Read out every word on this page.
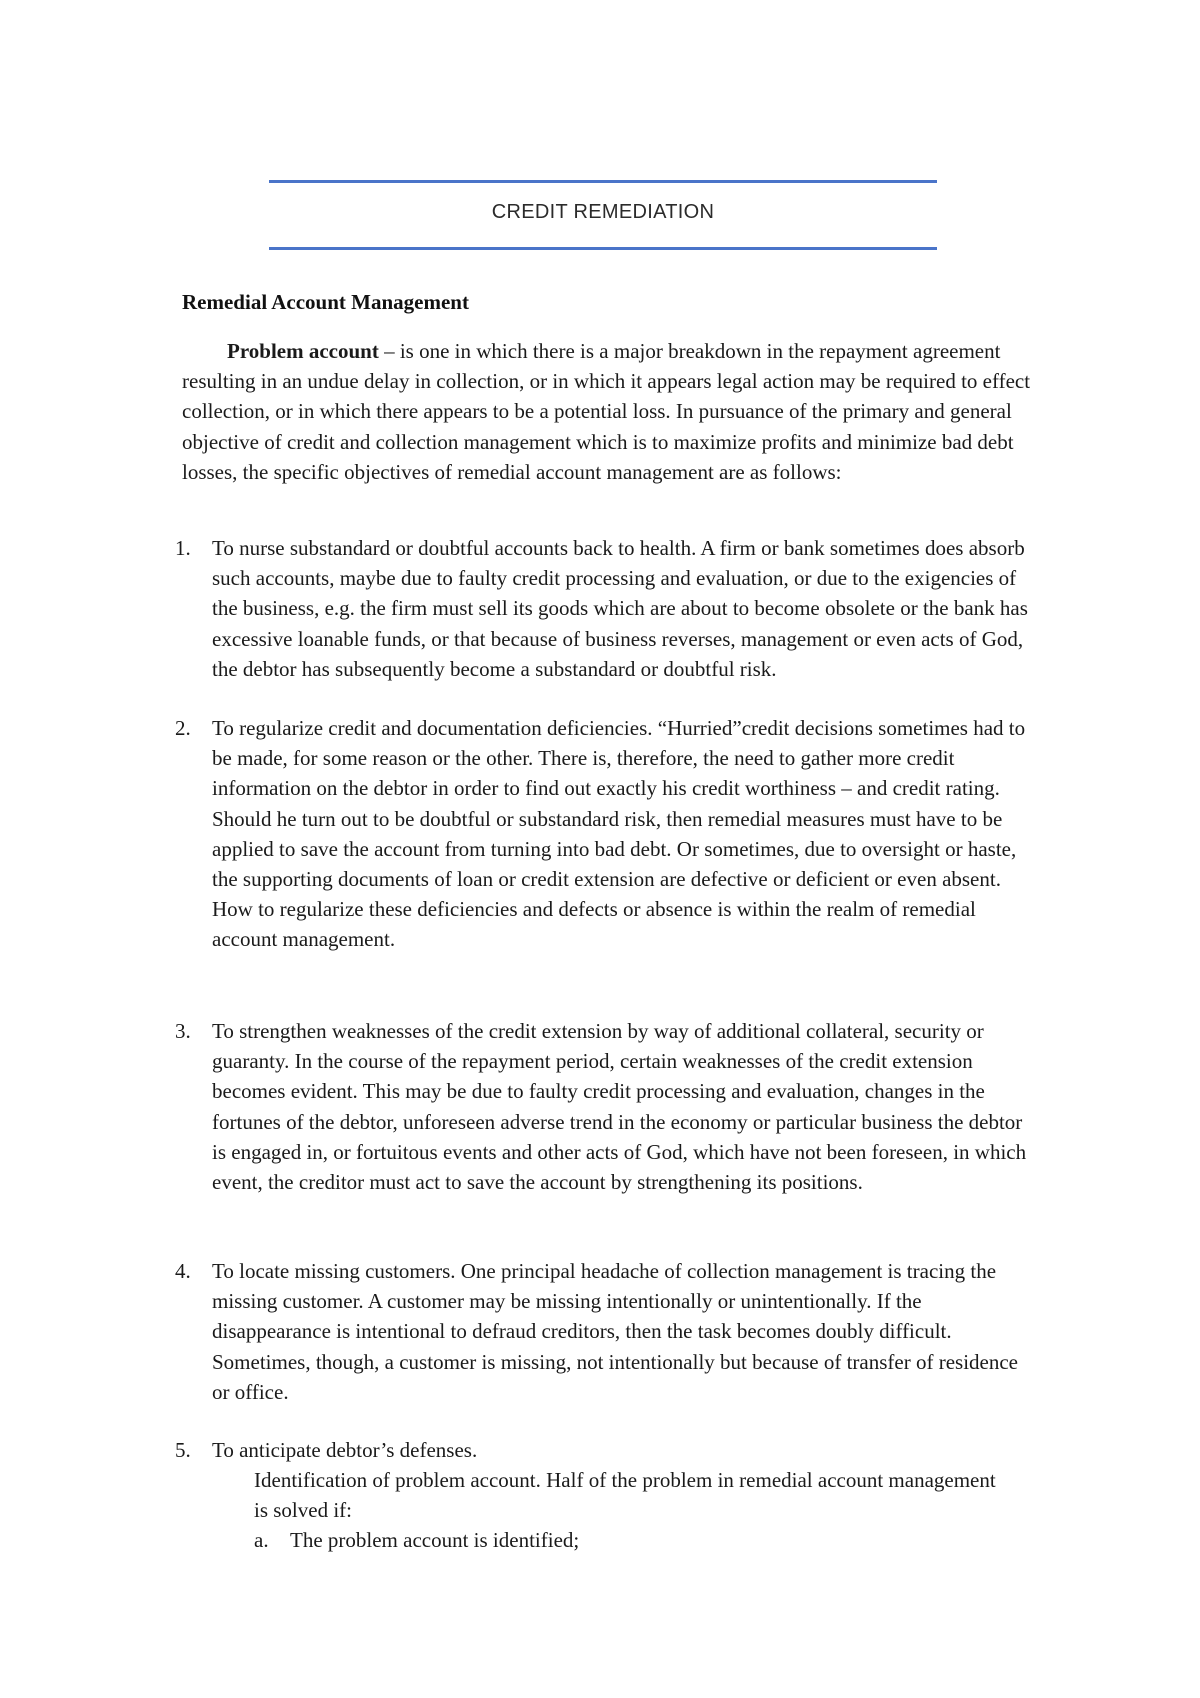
CREDIT REMEDIATION
Remedial Account Management
Problem account – is one in which there is a major breakdown in the repayment agreement resulting in an undue delay in collection, or in which it appears legal action may be required to effect collection, or in which there appears to be a potential loss. In pursuance of the primary and general objective of credit and collection management which is to maximize profits and minimize bad debt losses, the specific objectives of remedial account management are as follows:
1.	To nurse substandard or doubtful accounts back to health. A firm or bank sometimes does absorb such accounts, maybe due to faulty credit processing and evaluation, or due to the exigencies of the business, e.g. the firm must sell its goods which are about to become obsolete or the bank has excessive loanable funds, or that because of business reverses, management or even acts of God, the debtor has subsequently become a substandard or doubtful risk.
2.	To regularize credit and documentation deficiencies. “Hurried”credit decisions sometimes had to be made, for some reason or the other. There is, therefore, the need to gather more credit information on the debtor in order to find out exactly his credit worthiness – and credit rating. Should he turn out to be doubtful or substandard risk, then remedial measures must have to be applied to save the account from turning into bad debt. Or sometimes, due to oversight or haste, the supporting documents of loan or credit extension are defective or deficient or even absent. How to regularize these deficiencies and defects or absence is within the realm of remedial account management.
3.	To strengthen weaknesses of the credit extension by way of additional collateral, security or guaranty. In the course of the repayment period, certain weaknesses of the credit extension becomes evident. This may be due to faulty credit processing and evaluation, changes in the fortunes of the debtor, unforeseen adverse trend in the economy or particular business the debtor is engaged in, or fortuitous events and other acts of God, which have not been foreseen, in which event, the creditor must act to save the account by strengthening its positions.
4.	To locate missing customers. One principal headache of collection management is tracing the missing customer. A customer may be missing intentionally or unintentionally. If the disappearance is intentional to defraud creditors, then the task becomes doubly difficult. Sometimes, though, a customer is missing, not intentionally but because of transfer of residence or office.
5.	To anticipate debtor’s defenses.
Identification of problem account. Half of the problem in remedial account management is solved if:
a. The problem account is identified;
